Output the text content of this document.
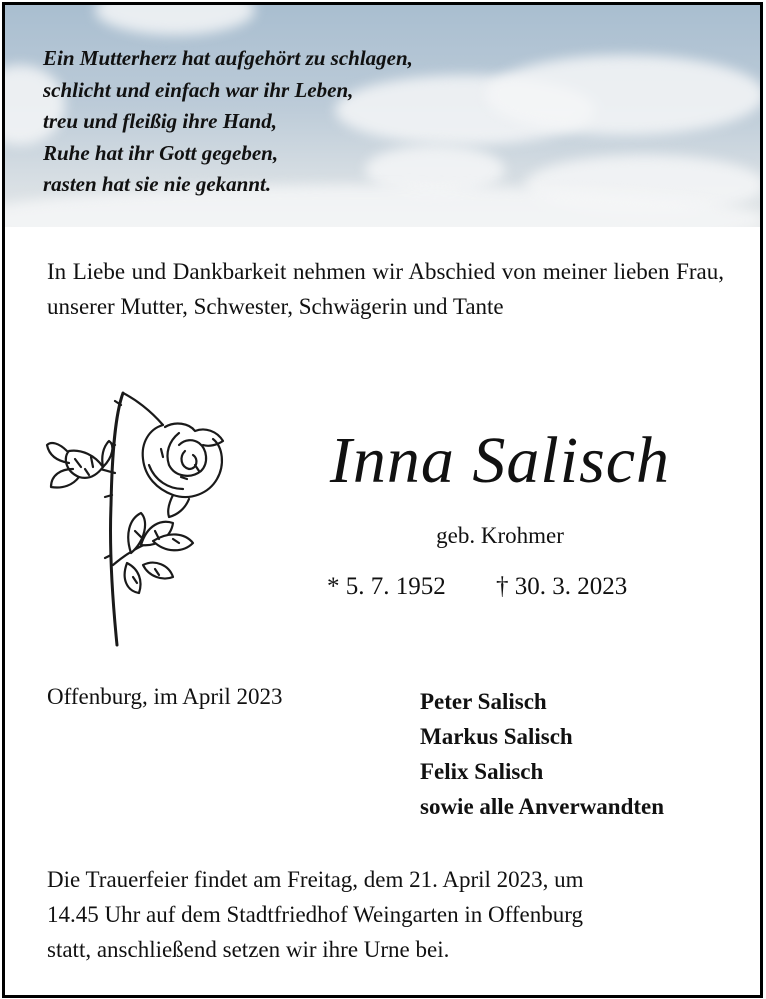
Ein Mutterherz hat aufgehört zu schlagen,
schlicht und einfach war ihr Leben,
treu und fleißig ihre Hand,
Ruhe hat ihr Gott gegeben,
rasten hat sie nie gekannt.

In Liebe und Dankbarkeit nehmen wir Abschied von meiner lieben Frau, unserer Mutter, Schwester, Schwägerin und Tante

Inna Salisch
geb. Krohmer
* 5. 7. 1952 † 30. 3. 2023
Offenburg, im April 2023	Peter Salisch
Markus Salisch
Felix Salisch
sowie alle Anverwandten
Die Trauerfeier findet am Freitag, dem 21. April 2023, um
14.45 Uhr auf dem Stadtfriedhof Weingarten in Offenburg
statt, anschließend setzen wir ihre Urne bei.
